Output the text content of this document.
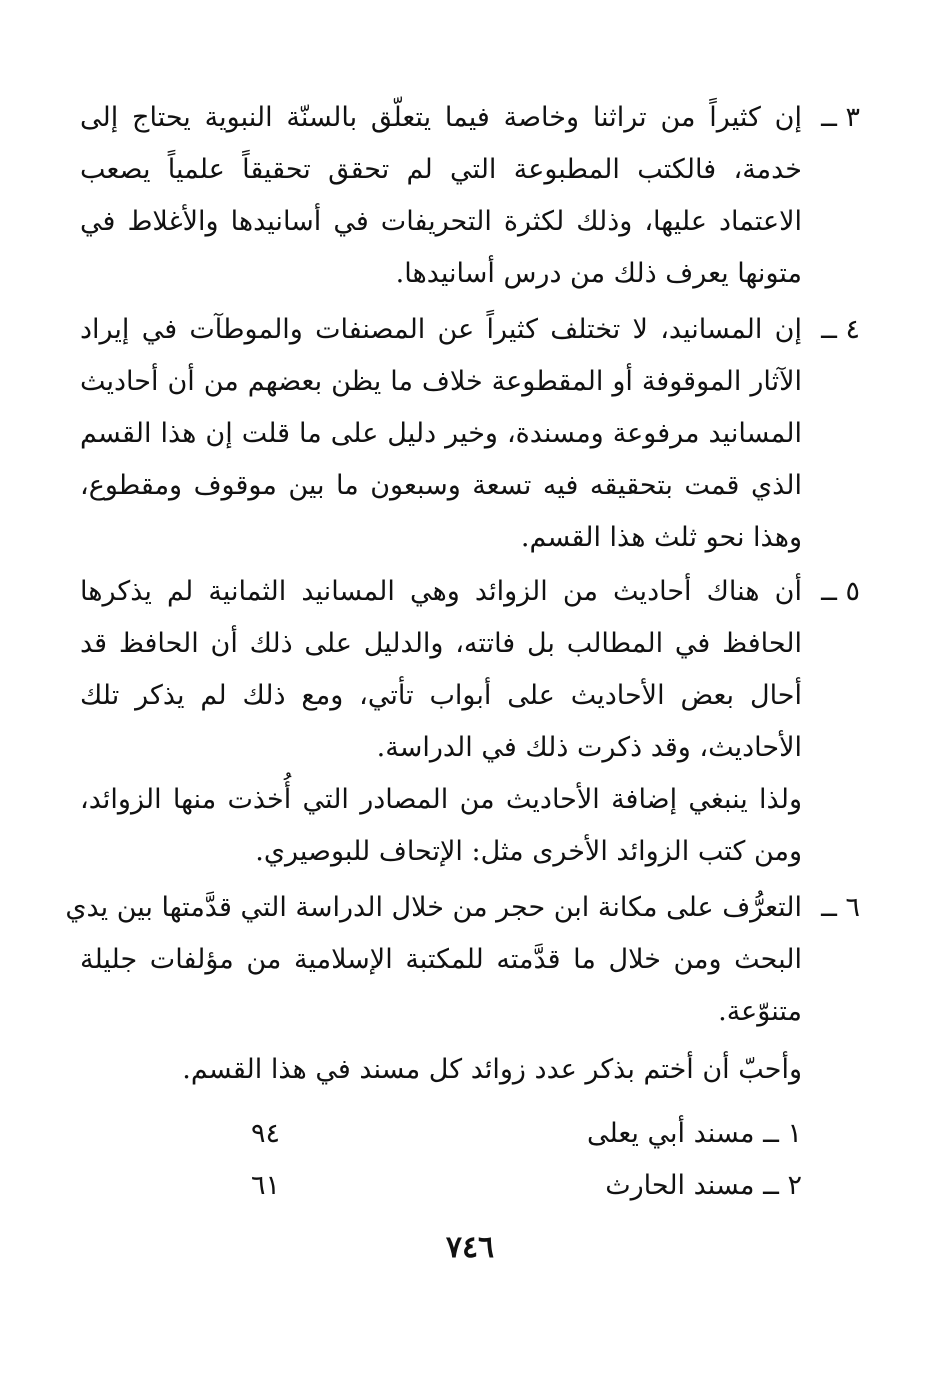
٣ ــ
إن كثيراً من تراثنا وخاصة فيما يتعلّق بالسنّة النبوية يحتاج إلى
خدمة، فالكتب المطبوعة التي لم تحقق تحقيقاً علمياً يصعب
الاعتماد عليها، وذلك لكثرة التحريفات في أسانيدها والأغلاط في
متونها يعرف ذلك من درس أسانيدها.
٤ ــ
إن المسانيد، لا تختلف كثيراً عن المصنفات والموطآت في إيراد
الآثار الموقوفة أو المقطوعة خلاف ما يظن بعضهم من أن أحاديث
المسانيد مرفوعة ومسندة، وخير دليل على ما قلت إن هذا القسم
الذي قمت بتحقيقه فيه تسعة وسبعون ما بين موقوف ومقطوع،
وهذا نحو ثلث هذا القسم.
٥ ــ
أن هناك أحاديث من الزوائد وهي المسانيد الثمانية لم يذكرها
الحافظ في المطالب بل فاتته، والدليل على ذلك أن الحافظ قد
أحال بعض الأحاديث على أبواب تأتي، ومع ذلك لم يذكر تلك
الأحاديث، وقد ذكرت ذلك في الدراسة.
ولذا ينبغي إضافة الأحاديث من المصادر التي أُخذت منها الزوائد،
ومن كتب الزوائد الأخرى مثل: الإتحاف للبوصيري.
٦ ــ
التعرُّف على مكانة ابن حجر من خلال الدراسة التي قدَّمتها بين يدي
البحث ومن خلال ما قدَّمته للمكتبة الإسلامية من مؤلفات جليلة
متنوّعة.
وأحبّ أن أختم بذكر عدد زوائد كل مسند في هذا القسم.
١ ــ مسند أبي يعلى
٩٤
٢ ــ مسند الحارث
٦١
٧٤٦
